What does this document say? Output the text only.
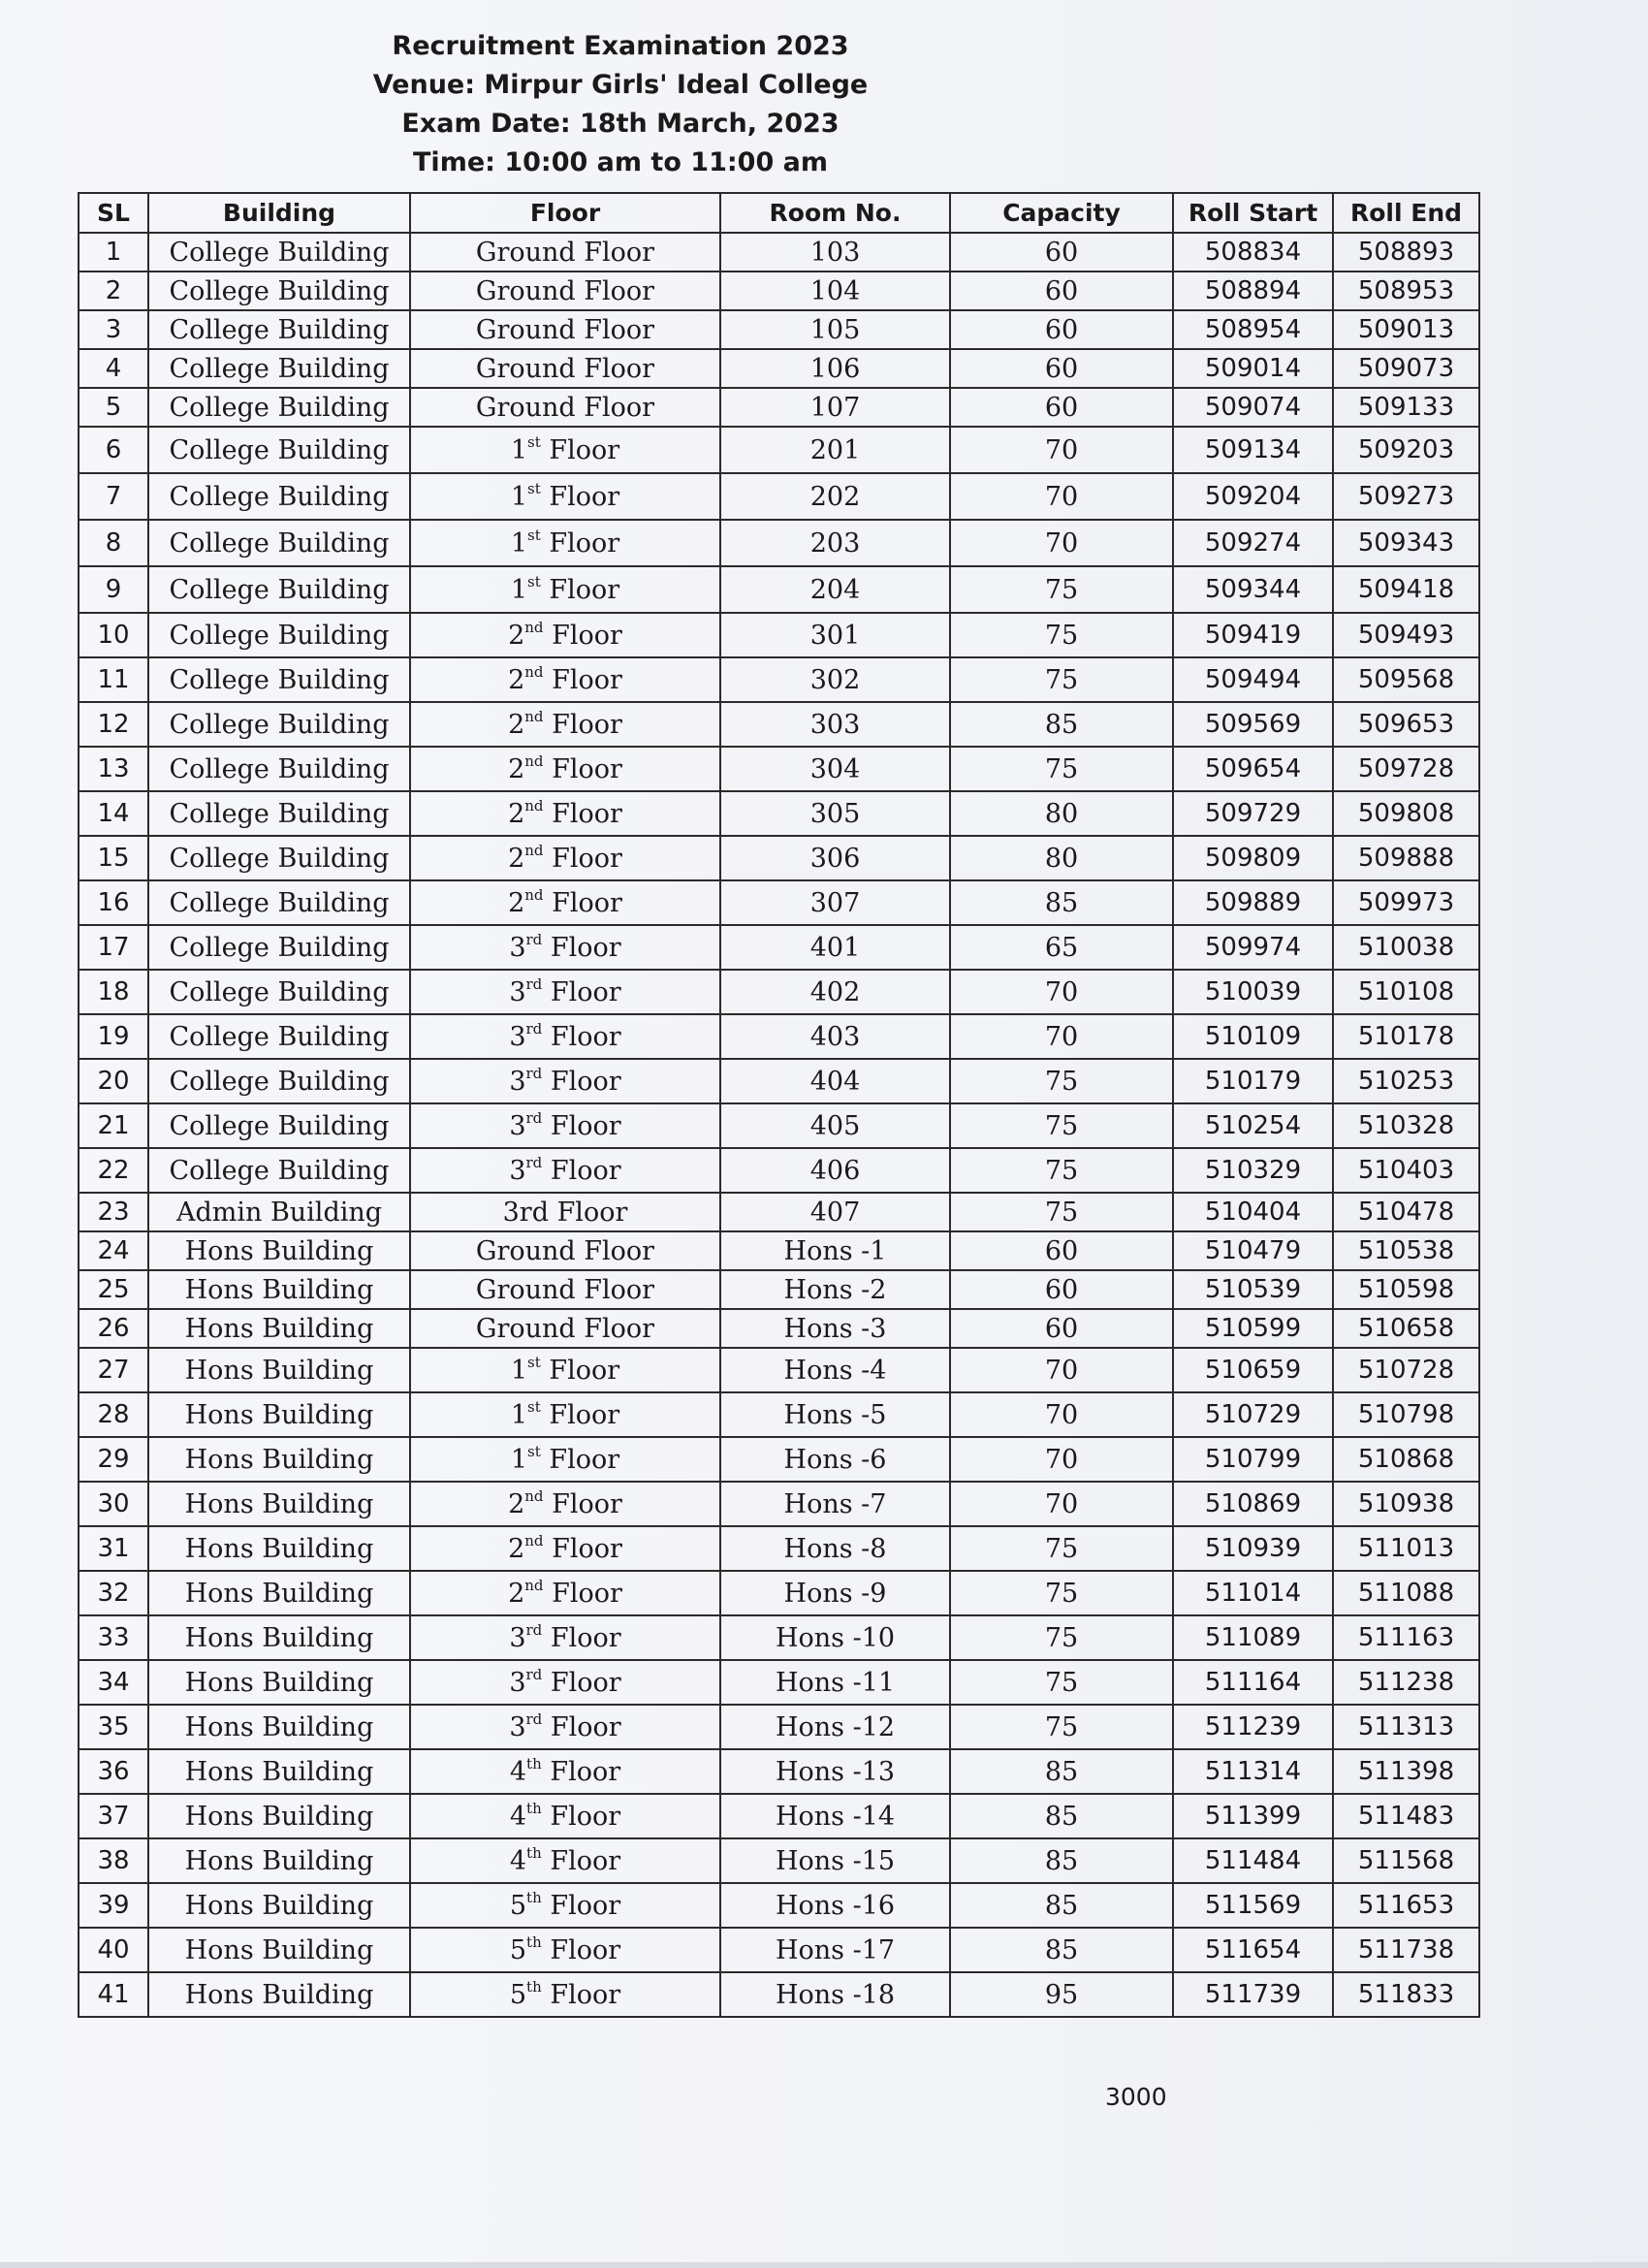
Recruitment Examination 2023
Venue: Mirpur Girls' Ideal College
Exam Date: 18th March, 2023
Time: 10:00 am to 11:00 am
SL	Building	Floor	Room No.	Capacity	Roll Start	Roll End
1	College Building	Ground Floor	103	60	508834	508893
2	College Building	Ground Floor	104	60	508894	508953
3	College Building	Ground Floor	105	60	508954	509013
4	College Building	Ground Floor	106	60	509014	509073
5	College Building	Ground Floor	107	60	509074	509133
6	College Building	1st Floor	201	70	509134	509203
7	College Building	1st Floor	202	70	509204	509273
8	College Building	1st Floor	203	70	509274	509343
9	College Building	1st Floor	204	75	509344	509418
10	College Building	2nd Floor	301	75	509419	509493
11	College Building	2nd Floor	302	75	509494	509568
12	College Building	2nd Floor	303	85	509569	509653
13	College Building	2nd Floor	304	75	509654	509728
14	College Building	2nd Floor	305	80	509729	509808
15	College Building	2nd Floor	306	80	509809	509888
16	College Building	2nd Floor	307	85	509889	509973
17	College Building	3rd Floor	401	65	509974	510038
18	College Building	3rd Floor	402	70	510039	510108
19	College Building	3rd Floor	403	70	510109	510178
20	College Building	3rd Floor	404	75	510179	510253
21	College Building	3rd Floor	405	75	510254	510328
22	College Building	3rd Floor	406	75	510329	510403
23	Admin Building	3rd Floor	407	75	510404	510478
24	Hons Building	Ground Floor	Hons -1	60	510479	510538
25	Hons Building	Ground Floor	Hons -2	60	510539	510598
26	Hons Building	Ground Floor	Hons -3	60	510599	510658
27	Hons Building	1st Floor	Hons -4	70	510659	510728
28	Hons Building	1st Floor	Hons -5	70	510729	510798
29	Hons Building	1st Floor	Hons -6	70	510799	510868
30	Hons Building	2nd Floor	Hons -7	70	510869	510938
31	Hons Building	2nd Floor	Hons -8	75	510939	511013
32	Hons Building	2nd Floor	Hons -9	75	511014	511088
33	Hons Building	3rd Floor	Hons -10	75	511089	511163
34	Hons Building	3rd Floor	Hons -11	75	511164	511238
35	Hons Building	3rd Floor	Hons -12	75	511239	511313
36	Hons Building	4th Floor	Hons -13	85	511314	511398
37	Hons Building	4th Floor	Hons -14	85	511399	511483
38	Hons Building	4th Floor	Hons -15	85	511484	511568
39	Hons Building	5th Floor	Hons -16	85	511569	511653
40	Hons Building	5th Floor	Hons -17	85	511654	511738
41	Hons Building	5th Floor	Hons -18	95	511739	511833
3000
